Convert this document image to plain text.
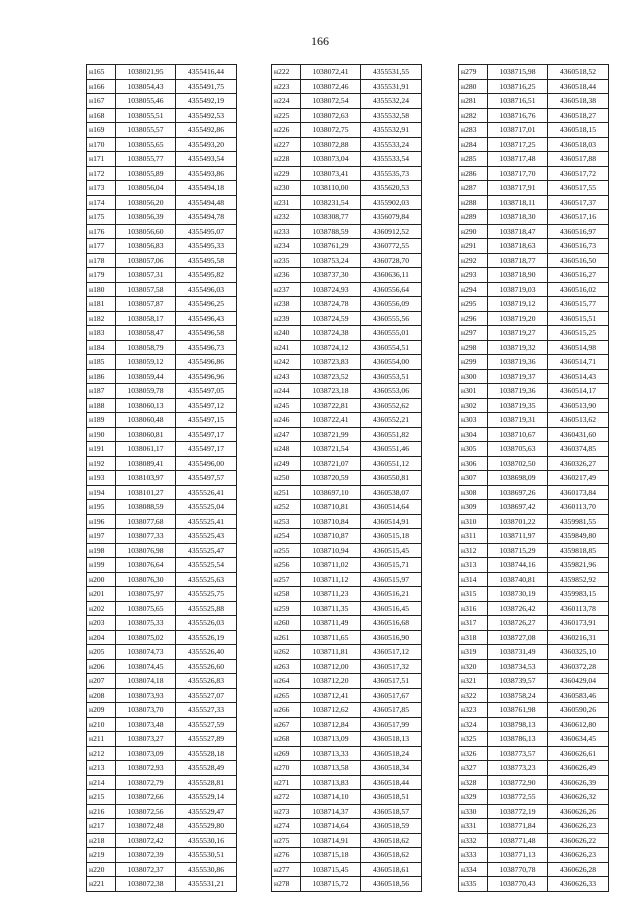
166
н165	1038021,95	4355416,44
н166	1038054,43	4355491,75
н167	1038055,46	4355492,19
н168	1038055,51	4355492,53
н169	1038055,57	4355492,86
н170	1038055,65	4355493,20
н171	1038055,77	4355493,54
н172	1038055,89	4355493,86
н173	1038056,04	4355494,18
н174	1038056,20	4355494,48
н175	1038056,39	4355494,78
н176	1038056,60	4355495,07
н177	1038056,83	4355495,33
н178	1038057,06	4355495,58
н179	1038057,31	4355495,82
н180	1038057,58	4355496,03
н181	1038057,87	4355496,25
н182	1038058,17	4355496,43
н183	1038058,47	4355496,58
н184	1038058,79	4355496,73
н185	1038059,12	4355496,86
н186	1038059,44	4355496,96
н187	1038059,78	4355497,05
н188	1038060,13	4355497,12
н189	1038060,48	4355497,15
н190	1038060,81	4355497,17
н191	1038061,17	4355497,17
н192	1038089,41	4355496,00
н193	1038103,97	4355497,57
н194	1038101,27	4355526,41
н195	1038088,59	4355525,04
н196	1038077,68	4355525,41
н197	1038077,33	4355525,43
н198	1038076,98	4355525,47
н199	1038076,64	4355525,54
н200	1038076,30	4355525,63
н201	1038075,97	4355525,75
н202	1038075,65	4355525,88
н203	1038075,33	4355526,03
н204	1038075,02	4355526,19
н205	1038074,73	4355526,40
н206	1038074,45	4355526,60
н207	1038074,18	4355526,83
н208	1038073,93	4355527,07
н209	1038073,70	4355527,33
н210	1038073,48	4355527,59
н211	1038073,27	4355527,89
н212	1038073,09	4355528,18
н213	1038072,93	4355528,49
н214	1038072,79	4355528,81
н215	1038072,66	4355529,14
н216	1038072,56	4355529,47
н217	1038072,48	4355529,80
н218	1038072,42	4355530,16
н219	1038072,39	4355530,51
н220	1038072,37	4355530,86
н221	1038072,38	4355531,21
н222	1038072,41	4355531,55
н223	1038072,46	4355531,91
н224	1038072,54	4355532,24
н225	1038072,63	4355532,58
н226	1038072,75	4355532,91
н227	1038072,88	4355533,24
н228	1038073,04	4355533,54
н229	1038073,41	4355535,73
н230	1038110,00	4355620,53
н231	1038231,54	4355902,03
н232	1038308,77	4356079,84
н233	1038788,59	4360912,52
н234	1038761,29	4360772,55
н235	1038753,24	4360728,70
н236	1038737,30	4360636,11
н237	1038724,93	4360556,64
н238	1038724,78	4360556,09
н239	1038724,59	4360555,56
н240	1038724,38	4360555,01
н241	1038724,12	4360554,51
н242	1038723,83	4360554,00
н243	1038723,52	4360553,51
н244	1038723,18	4360553,06
н245	1038722,81	4360552,62
н246	1038722,41	4360552,21
н247	1038721,99	4360551,82
н248	1038721,54	4360551,46
н249	1038721,07	4360551,12
н250	1038720,59	4360550,81
н251	1038697,10	4360538,07
н252	1038710,81	4360514,64
н253	1038710,84	4360514,91
н254	1038710,87	4360515,18
н255	1038710,94	4360515,45
н256	1038711,02	4360515,71
н257	1038711,12	4360515,97
н258	1038711,23	4360516,21
н259	1038711,35	4360516,45
н260	1038711,49	4360516,68
н261	1038711,65	4360516,90
н262	1038711,81	4360517,12
н263	1038712,00	4360517,32
н264	1038712,20	4360517,51
н265	1038712,41	4360517,67
н266	1038712,62	4360517,85
н267	1038712,84	4360517,99
н268	1038713,09	4360518,13
н269	1038713,33	4360518,24
н270	1038713,58	4360518,34
н271	1038713,83	4360518,44
н272	1038714,10	4360518,51
н273	1038714,37	4360518,57
н274	1038714,64	4360518,59
н275	1038714,91	4360518,62
н276	1038715,18	4360518,62
н277	1038715,45	4360518,61
н278	1038715,72	4360518,56
н279	1038715,98	4360518,52
н280	1038716,25	4360518,44
н281	1038716,51	4360518,38
н282	1038716,76	4360518,27
н283	1038717,01	4360518,15
н284	1038717,25	4360518,03
н285	1038717,48	4360517,88
н286	1038717,70	4360517,72
н287	1038717,91	4360517,55
н288	1038718,11	4360517,37
н289	1038718,30	4360517,16
н290	1038718,47	4360516,97
н291	1038718,63	4360516,73
н292	1038718,77	4360516,50
н293	1038718,90	4360516,27
н294	1038719,03	4360516,02
н295	1038719,12	4360515,77
н296	1038719,20	4360515,51
н297	1038719,27	4360515,25
н298	1038719,32	4360514,98
н299	1038719,36	4360514,71
н300	1038719,37	4360514,43
н301	1038719,36	4360514,17
н302	1038719,35	4360513,90
н303	1038719,31	4360513,62
н304	1038710,67	4360431,60
н305	1038705,63	4360374,85
н306	1038702,50	4360326,27
н307	1038698,09	4360217,49
н308	1038697,26	4360173,84
н309	1038697,42	4360113,70
н310	1038701,22	4359981,55
н311	1038711,97	4359849,80
н312	1038715,29	4359818,85
н313	1038744,16	4359821,96
н314	1038740,81	4359852,92
н315	1038730,19	4359983,15
н316	1038726,42	4360113,78
н317	1038726,27	4360173,91
н318	1038727,08	4360216,31
н319	1038731,49	4360325,10
н320	1038734,53	4360372,28
н321	1038739,57	4360429,04
н322	1038758,24	4360583,46
н323	1038761,98	4360590,26
н324	1038798,13	4360612,80
н325	1038786,13	4360634,45
н326	1038773,57	4360626,61
н327	1038773,23	4360626,49
н328	1038772,90	4360626,39
н329	1038772,55	4360626,32
н330	1038772,19	4360626,26
н331	1038771,84	4360626,23
н332	1038771,48	4360626,22
н333	1038771,13	4360626,23
н334	1038770,78	4360626,28
н335	1038770,43	4360626,33
